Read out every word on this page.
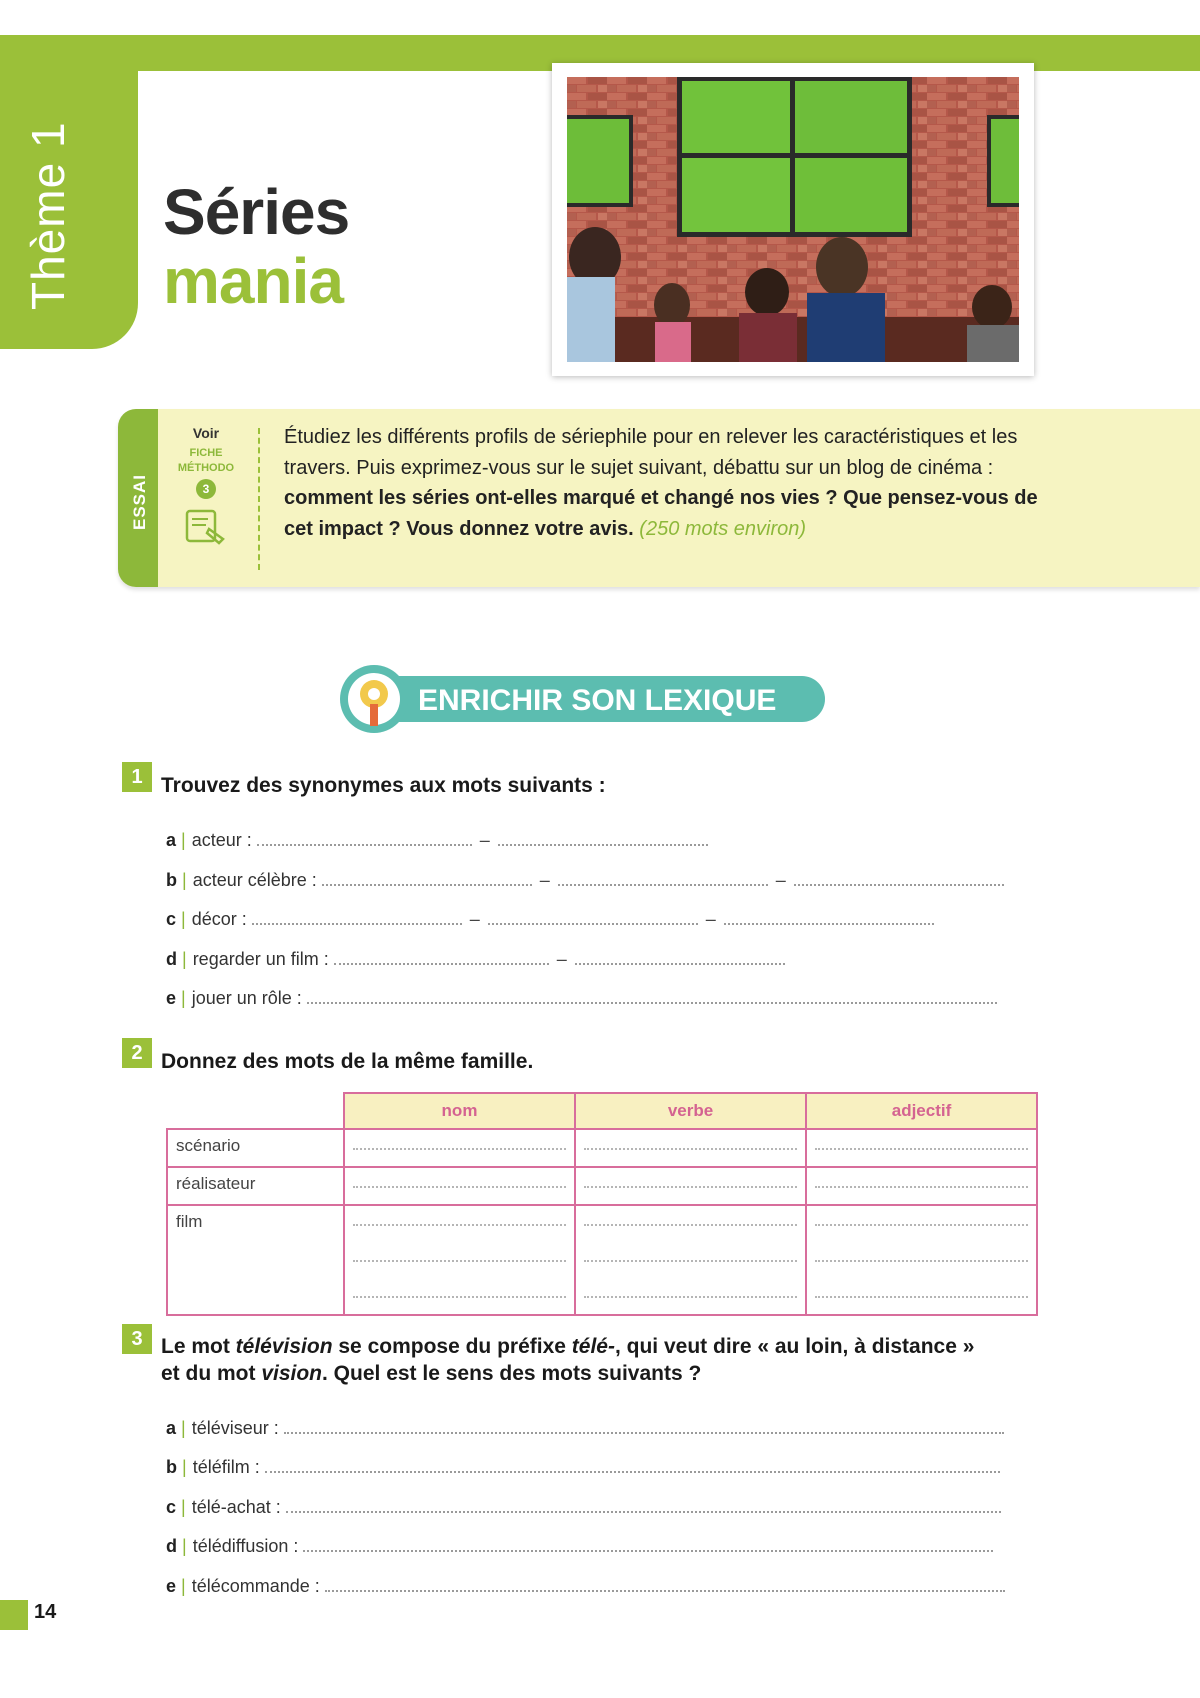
Thème 1 Séries
mania
ESSAI
Voir
FICHE MÉTHODO
3
Étudiez les différents profils de sériephile pour en relever les caractéristiques et les travers. Puis exprimez-vous sur le sujet suivant, débattu sur un blog de cinéma : comment les séries ont-elles marqué et changé nos vies ? Que pensez-vous de cet impact ? Vous donnez votre avis. (250 mots environ)
ENRICHIR SON LEXIQUE
1 Trouvez des synonymes aux mots suivants :
a | acteur :	–
b | acteur célèbre :	–	–
c | décor :	–	–
d | regarder un film :	–
e | jouer un rôle :
2 Donnez des mots de la même famille.
	nom	verbe	adjectif
scénario	

réalisateur	

film	

3 Le mot télévision se compose du préfixe télé-, qui veut dire « au loin, à distance » et du mot vision. Quel est le sens des mots suivants ?
a | téléviseur :
b | téléfilm :
c | télé-achat :
d | télédiffusion :
e | télécommande :
14
